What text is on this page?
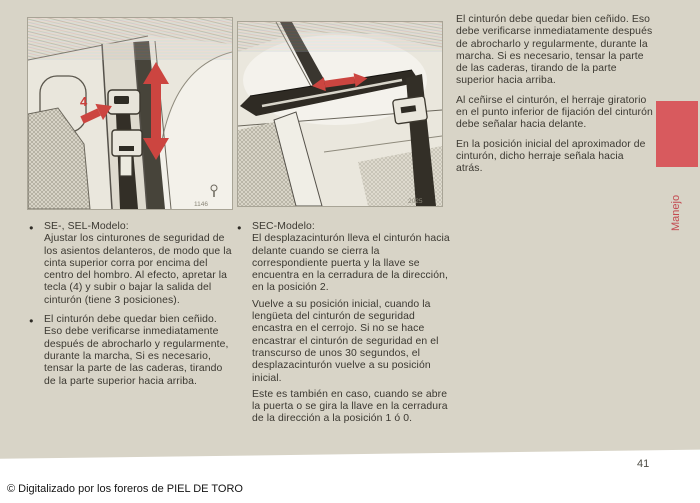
4
1146	2025
● SE-, SEL-Modelo:
Ajustar los cinturones de seguridad de los asientos delanteros, de modo que la cinta superior corra por encima del centro del hombro. Al efecto, apretar la tecla (4) y subir o bajar la salida del cinturón (tiene 3 posiciones).
● El cinturón debe quedar bien ceñido. Eso debe verificarse inmediatamente después de abrocharlo y regularmente, durante la marcha, Si es necesario, tensar la parte de las caderas, tirando de la parte superior hacia arriba.
● SEC-Modelo:
El desplazacinturón lleva el cinturón hacia delante cuando se cierra la correspondiente puerta y la llave se encuentra en la cerradura de la dirección, en la posición 2.
Vuelve a su posición inicial, cuando la lengüeta del cinturón de seguridad encastra en el cerrojo. Si no se hace encastrar el cinturón de seguridad en el transcurso de unos 30 segundos, el desplazacinturón vuelve a su posición inicial.
Este es también en caso, cuando se abre la puerta o se gira la llave en la cerradura de la dirección a la posición 1 ó 0.
El cinturón debe quedar bien ceñido. Eso debe verificarse inmediatamente después de abrocharlo y regularmente, durante la marcha. Si es necesario, tensar la parte de las caderas, tirando de la parte superior hacia arriba.
Al ceñirse el cinturón, el herraje giratorio en el punto inferior de fijación del cinturón debe señalar hacia delante.
En la posición inicial del aproximador de cinturón, dicho herraje señala hacia atrás.
Manejo
41
© Digitalizado por los foreros de PIEL DE TORO
